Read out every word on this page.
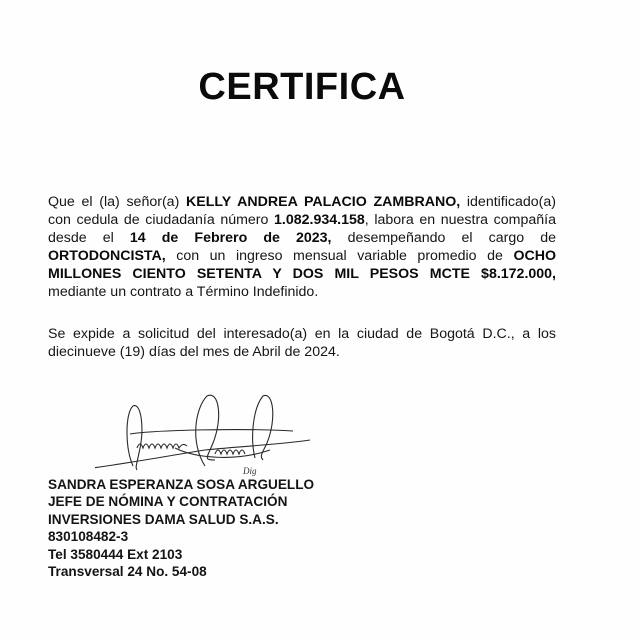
CERTIFICA
Que el (la) señor(a) KELLY ANDREA PALACIO ZAMBRANO, identificado(a) con cedula de ciudadanía número 1.082.934.158, labora en nuestra compañía desde el 14 de Febrero de 2023, desempeñando el cargo de ORTODONCISTA, con un ingreso mensual variable promedio de OCHO MILLONES CIENTO SETENTA Y DOS MIL PESOS MCTE $8.172.000, mediante un contrato a Término Indefinido.
Se expide a solicitud del interesado(a) en la ciudad de Bogotá D.C., a los diecinueve (19) días del mes de Abril de 2024.
Dig
SANDRA ESPERANZA SOSA ARGUELLO
JEFE DE NÓMINA Y CONTRATACIÓN
INVERSIONES DAMA SALUD S.A.S.
830108482-3
Tel 3580444 Ext 2103
Transversal 24 No. 54-08
